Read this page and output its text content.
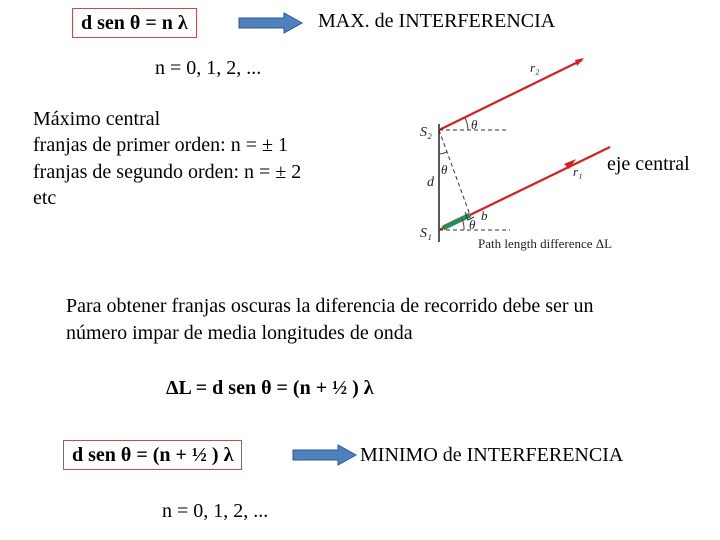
d sen θ = n λ	MAX. de INTERFERENCIA
n = 0, 1, 2, ...
Máximo central
franjas de primer orden: n = ± 1
franjas de segundo orden: n = ± 2
etc
r₂
r₁
S₂
S₁
d
θ
θ
θ
b
Path length difference ΔL
eje central
Para obtener franjas oscuras la diferencia de recorrido debe ser un
número impar de media longitudes de onda
ΔL = d sen θ = (n + ½ ) λ
d sen θ = (n + ½ ) λ	MINIMO de INTERFERENCIA
n = 0, 1, 2, ...
